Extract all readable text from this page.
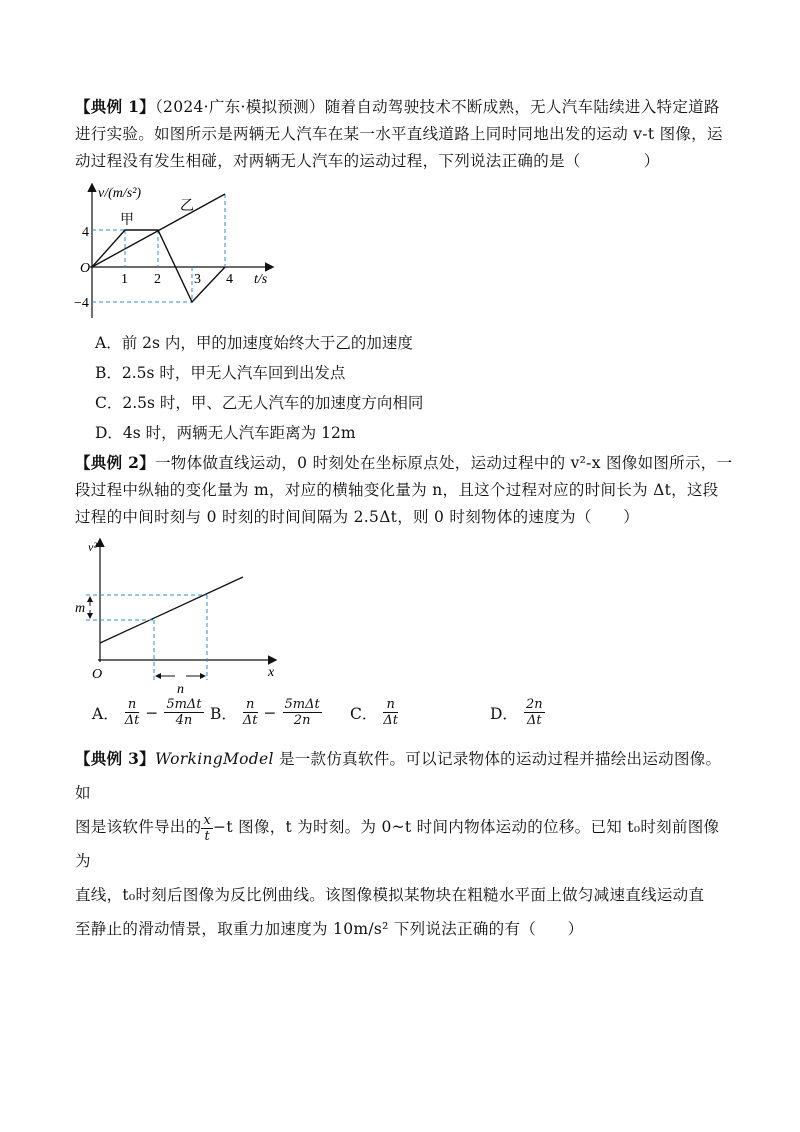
【典例 1】（2024·广东·模拟预测）随着自动驾驶技术不断成熟，无人汽车陆续进入特定道路
进行实验。如图所示是两辆无人汽车在某一水平直线道路上同时同地出发的运动 v-t 图像，运
动过程没有发生相碰，对两辆无人汽车的运动过程，下列说法正确的是（　　　　）
v/(m/s²)
O
4
−4
1 2 3 4 t/s
甲
乙
A．前 2s 内，甲的加速度始终大于乙的加速度
B．2.5s 时，甲无人汽车回到出发点
C．2.5s 时，甲、乙无人汽车的加速度方向相同
D．4s 时，两辆无人汽车距离为 12m
【典例 2】一物体做直线运动，0 时刻处在坐标原点处，运动过程中的 v²-x 图像如图所示，一
段过程中纵轴的变化量为 m，对应的横轴变化量为 n，且这个过程对应的时间长为 Δt，这段
过程的中间时刻与 0 时刻的时间间隔为 2.5Δt，则 0 时刻物体的速度为（　　）
v²
O	x
m
n
A． $\frac{n}{\Delta t} - \frac{\text{5mΔt}}{4n}$ B． $\frac{n}{\Delta t} - \frac{\text{5mΔt}}{2n}$ C． $\frac{n}{\Delta t}$	D． $\frac{2n}{\Delta t}$
【典例 3】WorkingModel 是一款仿真软件。可以记录物体的运动过程并描绘出运动图像。如
图是该软件导出的 $\frac{x}{t} -t$ 图像，t 为时刻。为 0~t 时间内物体运动的位移。已知 t₀时刻前图像为
直线，t₀时刻后图像为反比例曲线。该图像模拟某物块在粗糙水平面上做匀减速直线运动直
至静止的滑动情景，取重力加速度为 10m/s² 下列说法正确的有（　　）
